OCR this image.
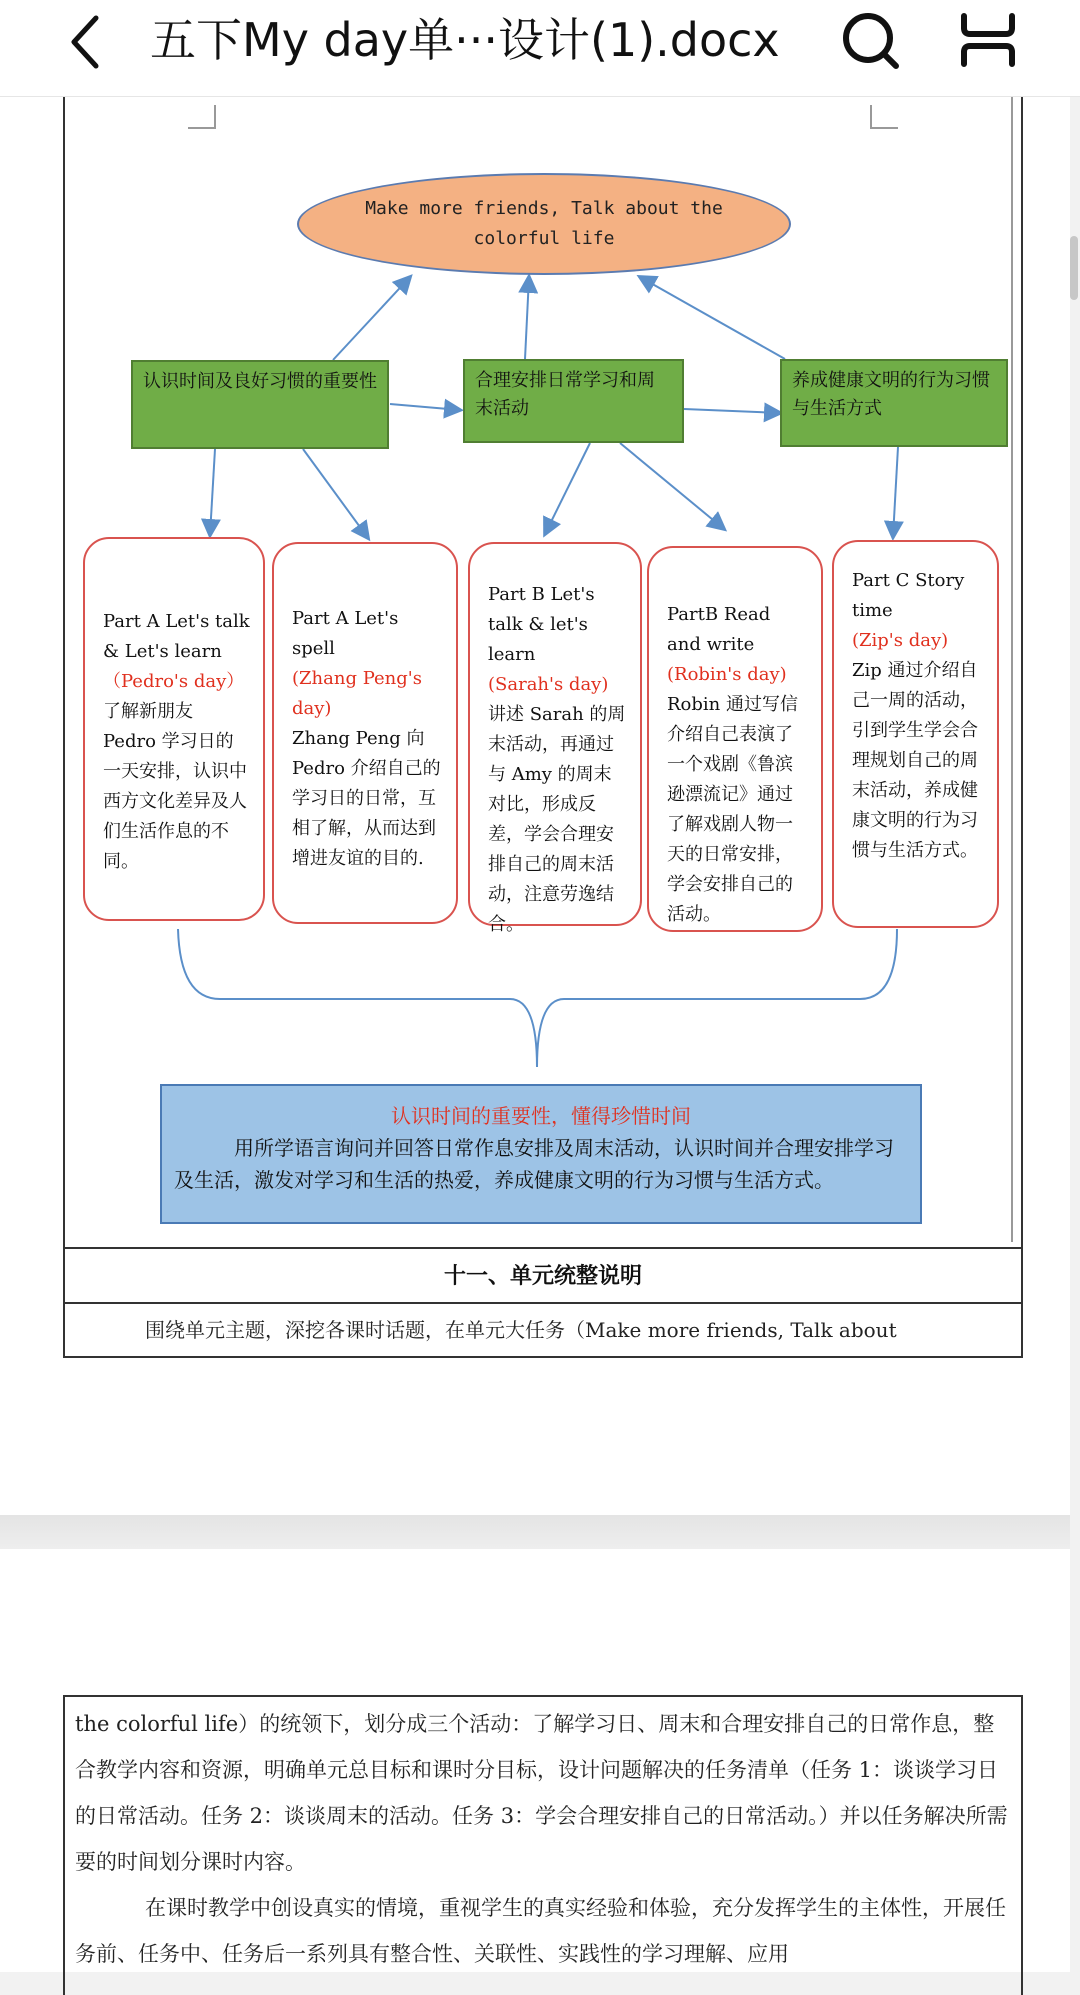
五下My day单···设计(1).docx
Make more friends, Talk about the colorful life
认识时间及良好习惯的重要性	合理安排日常学习和周末活动
养成健康文明的行为习惯与生活方式
Part A Let's talk & Let's learn
（Pedro's day）
了解新朋友 Pedro 学习日的一天安排，认识中西方文化差异及人们生活作息的不同。
Part A Let's spell
(Zhang Peng's day)
Zhang Peng 向 Pedro 介绍自己的学习日的日常，互相了解，从而达到增进友谊的目的.
Part B Let's talk & let's learn
(Sarah's day)
讲述 Sarah 的周末活动，再通过与 Amy 的周末对比，形成反差，学会合理安排自己的周末活动，注意劳逸结合。
PartB Read and write
(Robin's day)
Robin 通过写信介绍自己表演了一个戏剧《鲁滨逊漂流记》通过了解戏剧人物一天的日常安排，学会安排自己的活动。
Part C Story time
(Zip's day)
Zip 通过介绍自己一周的活动，引到学生学会合理规划自己的周末活动，养成健康文明的行为习惯与生活方式。
认识时间的重要性，懂得珍惜时间
用所学语言询问并回答日常作息安排及周末活动，认识时间并合理安排学习及生活，激发对学习和生活的热爱，养成健康文明的行为习惯与生活方式。
十一、单元统整说明
围绕单元主题，深挖各课时话题，在单元大任务（Make more friends, Talk about

the colorful life）的统领下，划分成三个活动：了解学习日、周末和合理安排自己的日常作息，整合教学内容和资源，明确单元总目标和课时分目标，设计问题解决的任务清单（任务 1：谈谈学习日的日常活动。任务 2：谈谈周末的活动。任务 3：学会合理安排自己的日常活动。）并以任务解决所需要的时间划分课时内容。

在课时教学中创设真实的情境，重视学生的真实经验和体验，充分发挥学生的主体性，开展任务前、任务中、任务后一系列具有整合性、关联性、实践性的学习理解、应用
